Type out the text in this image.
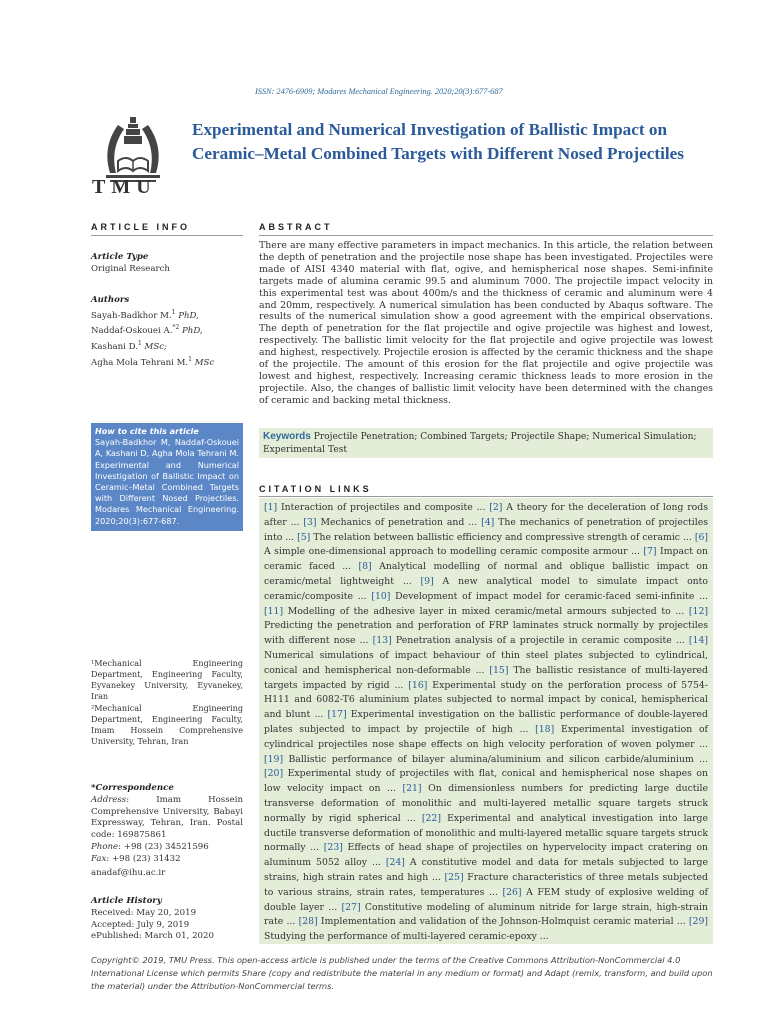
ISSN: 2476-6909; Modares Mechanical Engineering. 2020;20(3):677-687
TMU
Experimental and Numerical Investigation of Ballistic Impact on Ceramic–Metal Combined Targets with Different Nosed Projectiles
ARTICLE INFO	ABSTRACT
Article Type
Original Research
Authors
Sayah-Badkhor M.$^1$ PhD,
Naddaf-Oskouei A.$^{*2}$ PhD,
Kashani D.$^1$ MSc;
Agha Mola Tehrani M.$^1$ MSc
How to cite this article
Sayah-Badkhor M, Naddaf-Oskouei A, Kashani D, Agha Mola Tehrani M. Experimental and Numerical Investigation of Ballistic Impact on Ceramic–Metal Combined Targets with Different Nosed Projectiles. Modares Mechanical Engineering. 2020;20(3):677-687.

¹Mechanical Engineering Department, Engineering Faculty, Eyvanekey University, Eyvanekey, Iran

²Mechanical Engineering Department, Engineering Faculty, Imam Hossein Comprehensive University, Tehran, Iran

*Correspondence
Address: Imam Hossein Comprehensive University, Babayi Expressway, Tehran, Iran. Postal code: 169875861
Phone: +98 (23) 34521596
Fax: +98 (23) 31432
anadaf@ihu.ac.ir
Article History
Received: May 20, 2019
Accepted: July 9, 2019
ePublished: March 01, 2020

There are many effective parameters in impact mechanics. In this article, the relation between the depth of penetration and the projectile nose shape has been investigated. Projectiles were made of AISI 4340 material with flat, ogive, and hemispherical nose shapes. Semi-infinite targets made of alumina ceramic 99.5 and aluminum 7000. The projectile impact velocity in this experimental test was about 400m/s and the thickness of ceramic and aluminum were 4 and 20mm, respectively. A numerical simulation has been conducted by Abaqus software. The results of the numerical simulation show a good agreement with the empirical observations. The depth of penetration for the flat projectile and ogive projectile was highest and lowest, respectively. The ballistic limit velocity for the flat projectile and ogive projectile was lowest and highest, respectively. Projectile erosion is affected by the ceramic thickness and the shape of the projectile. The amount of this erosion for the flat projectile and ogive projectile was lowest and highest, respectively. Increasing ceramic thickness leads to more erosion in the projectile. Also, the changes of ballistic limit velocity have been determined with the changes of ceramic and backing metal thickness.

Keywords Projectile Penetration; Combined Targets; Projectile Shape; Numerical Simulation; Experimental Test
CITATION LINKS
[1] Interaction of projectiles and composite ... [2] A theory for the deceleration of long rods after ... [3] Mechanics of penetration and ... [4] The mechanics of penetration of projectiles into ... [5] The relation between ballistic efficiency and compressive strength of ceramic ... [6] A simple one-dimensional approach to modelling ceramic composite armour ... [7] Impact on ceramic faced ... [8] Analytical modelling of normal and oblique ballistic impact on ceramic/metal lightweight ... [9] A new analytical model to simulate impact onto ceramic/composite ... [10] Development of impact model for ceramic-faced semi-infinite ... [11] Modelling of the adhesive layer in mixed ceramic/metal armours subjected to ... [12] Predicting the penetration and perforation of FRP laminates struck normally by projectiles with different nose ... [13] Penetration analysis of a projectile in ceramic composite ... [14] Numerical simulations of impact behaviour of thin steel plates subjected to cylindrical, conical and hemispherical non-deformable ... [15] The ballistic resistance of multi-layered targets impacted by rigid ... [16] Experimental study on the perforation process of 5754-H111 and 6082-T6 aluminium plates subjected to normal impact by conical, hemispherical and blunt ... [17] Experimental investigation on the ballistic performance of double-layered plates subjected to impact by projectile of high ... [18] Experimental investigation of cylindrical projectiles nose shape effects on high velocity perforation of woven polymer ... [19] Ballistic performance of bilayer alumina/aluminium and silicon carbide/aluminium ... [20] Experimental study of projectiles with flat, conical and hemispherical nose shapes on low velocity impact on ... [21] On dimensionless numbers for predicting large ductile transverse deformation of monolithic and multi-layered metallic square targets struck normally by rigid spherical ... [22] Experimental and analytical investigation into large ductile transverse deformation of monolithic and multi-layered metallic square targets struck normally ... [23] Effects of head shape of projectiles on hypervelocity impact cratering on aluminum 5052 alloy ... [24] A constitutive model and data for metals subjected to large strains, high strain rates and high ... [25] Fracture characteristics of three metals subjected to various strains, strain rates, temperatures ... [26] A FEM study of explosive welding of double layer ... [27] Constitutive modeling of aluminum nitride for large strain, high-strain rate ... [28] Implementation and validation of the Johnson-Holmquist ceramic material ... [29] Studying the performance of multi-layered ceramic-epoxy ...

Copyright© 2019, TMU Press. This open-access article is published under the terms of the Creative Commons Attribution-NonCommercial 4.0 International License which permits Share (copy and redistribute the material in any medium or format) and Adapt (remix, transform, and build upon the material) under the Attribution-NonCommercial terms.
